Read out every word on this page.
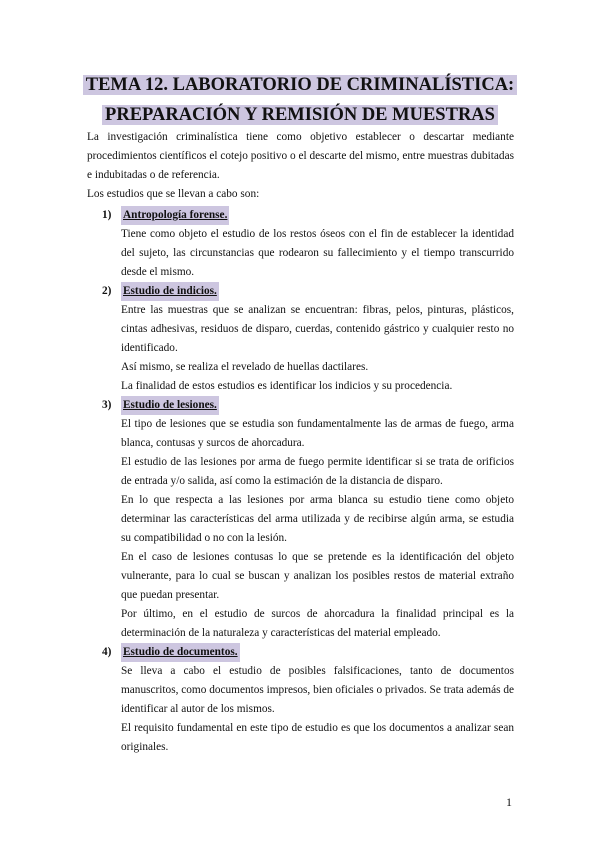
TEMA 12. LABORATORIO DE CRIMINALÍSTICA:
PREPARACIÓN Y REMISIÓN DE MUESTRAS

La investigación criminalística tiene como objetivo establecer o descartar mediante procedimientos científicos el cotejo positivo o el descarte del mismo, entre muestras dubitadas e indubitadas o de referencia.

Los estudios que se llevan a cabo son:

1) Antropología forense.

Tiene como objeto el estudio de los restos óseos con el fin de establecer la identidad del sujeto, las circunstancias que rodearon su fallecimiento y el tiempo transcurrido desde el mismo.

2) Estudio de indicios.

Entre las muestras que se analizan se encuentran: fibras, pelos, pinturas, plásticos, cintas adhesivas, residuos de disparo, cuerdas, contenido gástrico y cualquier resto no identificado.

Así mismo, se realiza el revelado de huellas dactilares.

La finalidad de estos estudios es identificar los indicios y su procedencia.

3) Estudio de lesiones.

El tipo de lesiones que se estudia son fundamentalmente las de armas de fuego, arma blanca, contusas y surcos de ahorcadura.

El estudio de las lesiones por arma de fuego permite identificar si se trata de orificios de entrada y/o salida, así como la estimación de la distancia de disparo.

En lo que respecta a las lesiones por arma blanca su estudio tiene como objeto determinar las características del arma utilizada y de recibirse algún arma, se estudia su compatibilidad o no con la lesión.

En el caso de lesiones contusas lo que se pretende es la identificación del objeto vulnerante, para lo cual se buscan y analizan los posibles restos de material extraño que puedan presentar.

Por último, en el estudio de surcos de ahorcadura la finalidad principal es la determinación de la naturaleza y características del material empleado.

4) Estudio de documentos.

Se lleva a cabo el estudio de posibles falsificaciones, tanto de documentos manuscritos, como documentos impresos, bien oficiales o privados. Se trata además de identificar al autor de los mismos.

El requisito fundamental en este tipo de estudio es que los documentos a analizar sean originales.

1
